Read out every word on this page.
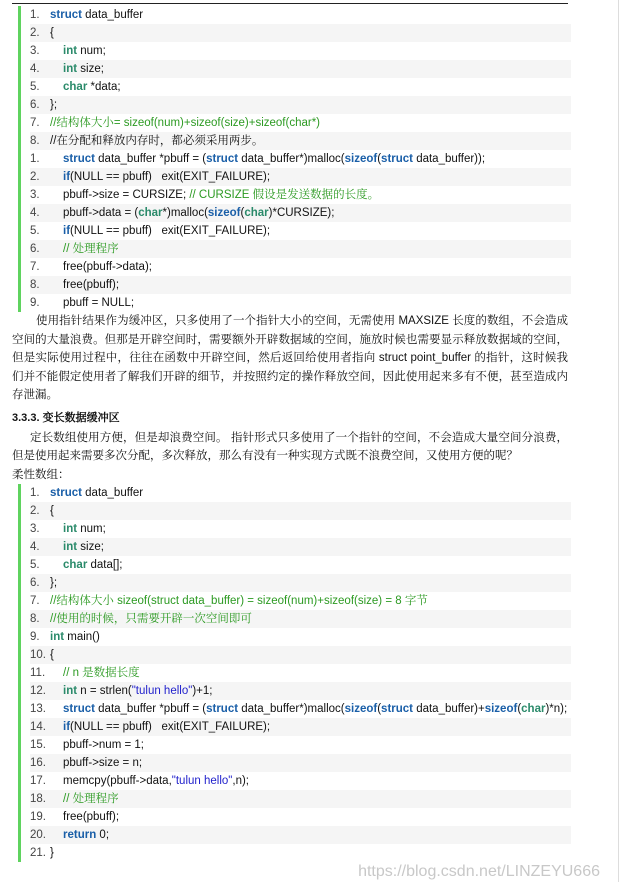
1. struct data_buffer
2. {
3.	int num;
4.	int size;
5.	char *data;
6. };
7. //结构体大小= sizeof(num)+sizeof(size)+sizeof(char*)
8. //在分配和释放内存时，都必须采用两步。
1.	struct data_buffer *pbuff = (struct data_buffer*)malloc(sizeof(struct data_buffer));
2.	if(NULL == pbuff)   exit(EXIT_FAILURE);
3.	pbuff->size = CURSIZE; // CURSIZE 假设是发送数据的长度。
4.	pbuff->data = (char*)malloc(sizeof(char)*CURSIZE);
5.	if(NULL == pbuff)   exit(EXIT_FAILURE);
6.	// 处理程序
7.	free(pbuff->data);
8.	free(pbuff);
9.	pbuff = NULL;
使用指针结果作为缓冲区，只多使用了一个指针大小的空间，无需使用 MAXSIZE 长度的数组，不会造成空间的大量浪费。但那是开辟空间时，需要额外开辟数据域的空间，施放时候也需要显示释放数据域的空间，但是实际使用过程中，往往在函数中开辟空间，然后返回给使用者指向 struct point_buffer 的指针，这时候我们并不能假定使用者了解我们开辟的细节，并按照约定的操作释放空间，因此使用起来多有不便，甚至造成内存泄漏。
3.3.3. 变长数据缓冲区
定长数组使用方便，但是却浪费空间。 指针形式只多使用了一个指针的空间，不会造成大量空间分浪费，但是使用起来需要多次分配，多次释放，那么有没有一种实现方式既不浪费空间，又使用方便的呢？
柔性数组：
1. struct data_buffer
2. {
3.	int num;
4.	int size;
5.	char data[];
6. };
7. //结构体大小 sizeof(struct data_buffer) = sizeof(num)+sizeof(size) = 8 字节
8. //使用的时候，只需要开辟一次空间即可
9. int main()
10. {
11.	// n 是数据长度
12.	int n = strlen("tulun hello")+1;
13.	struct data_buffer *pbuff = (struct data_buffer*)malloc(sizeof(struct data_buffer)+sizeof(char)*n);
14.	if(NULL == pbuff)   exit(EXIT_FAILURE);
15.	pbuff->num = 1;
16.	pbuff->size = n;
17.	memcpy(pbuff->data,"tulun hello",n);
18.	// 处理程序
19.	free(pbuff);
20.	return 0;
21. }
https://blog.csdn.net/LINZEYU666
